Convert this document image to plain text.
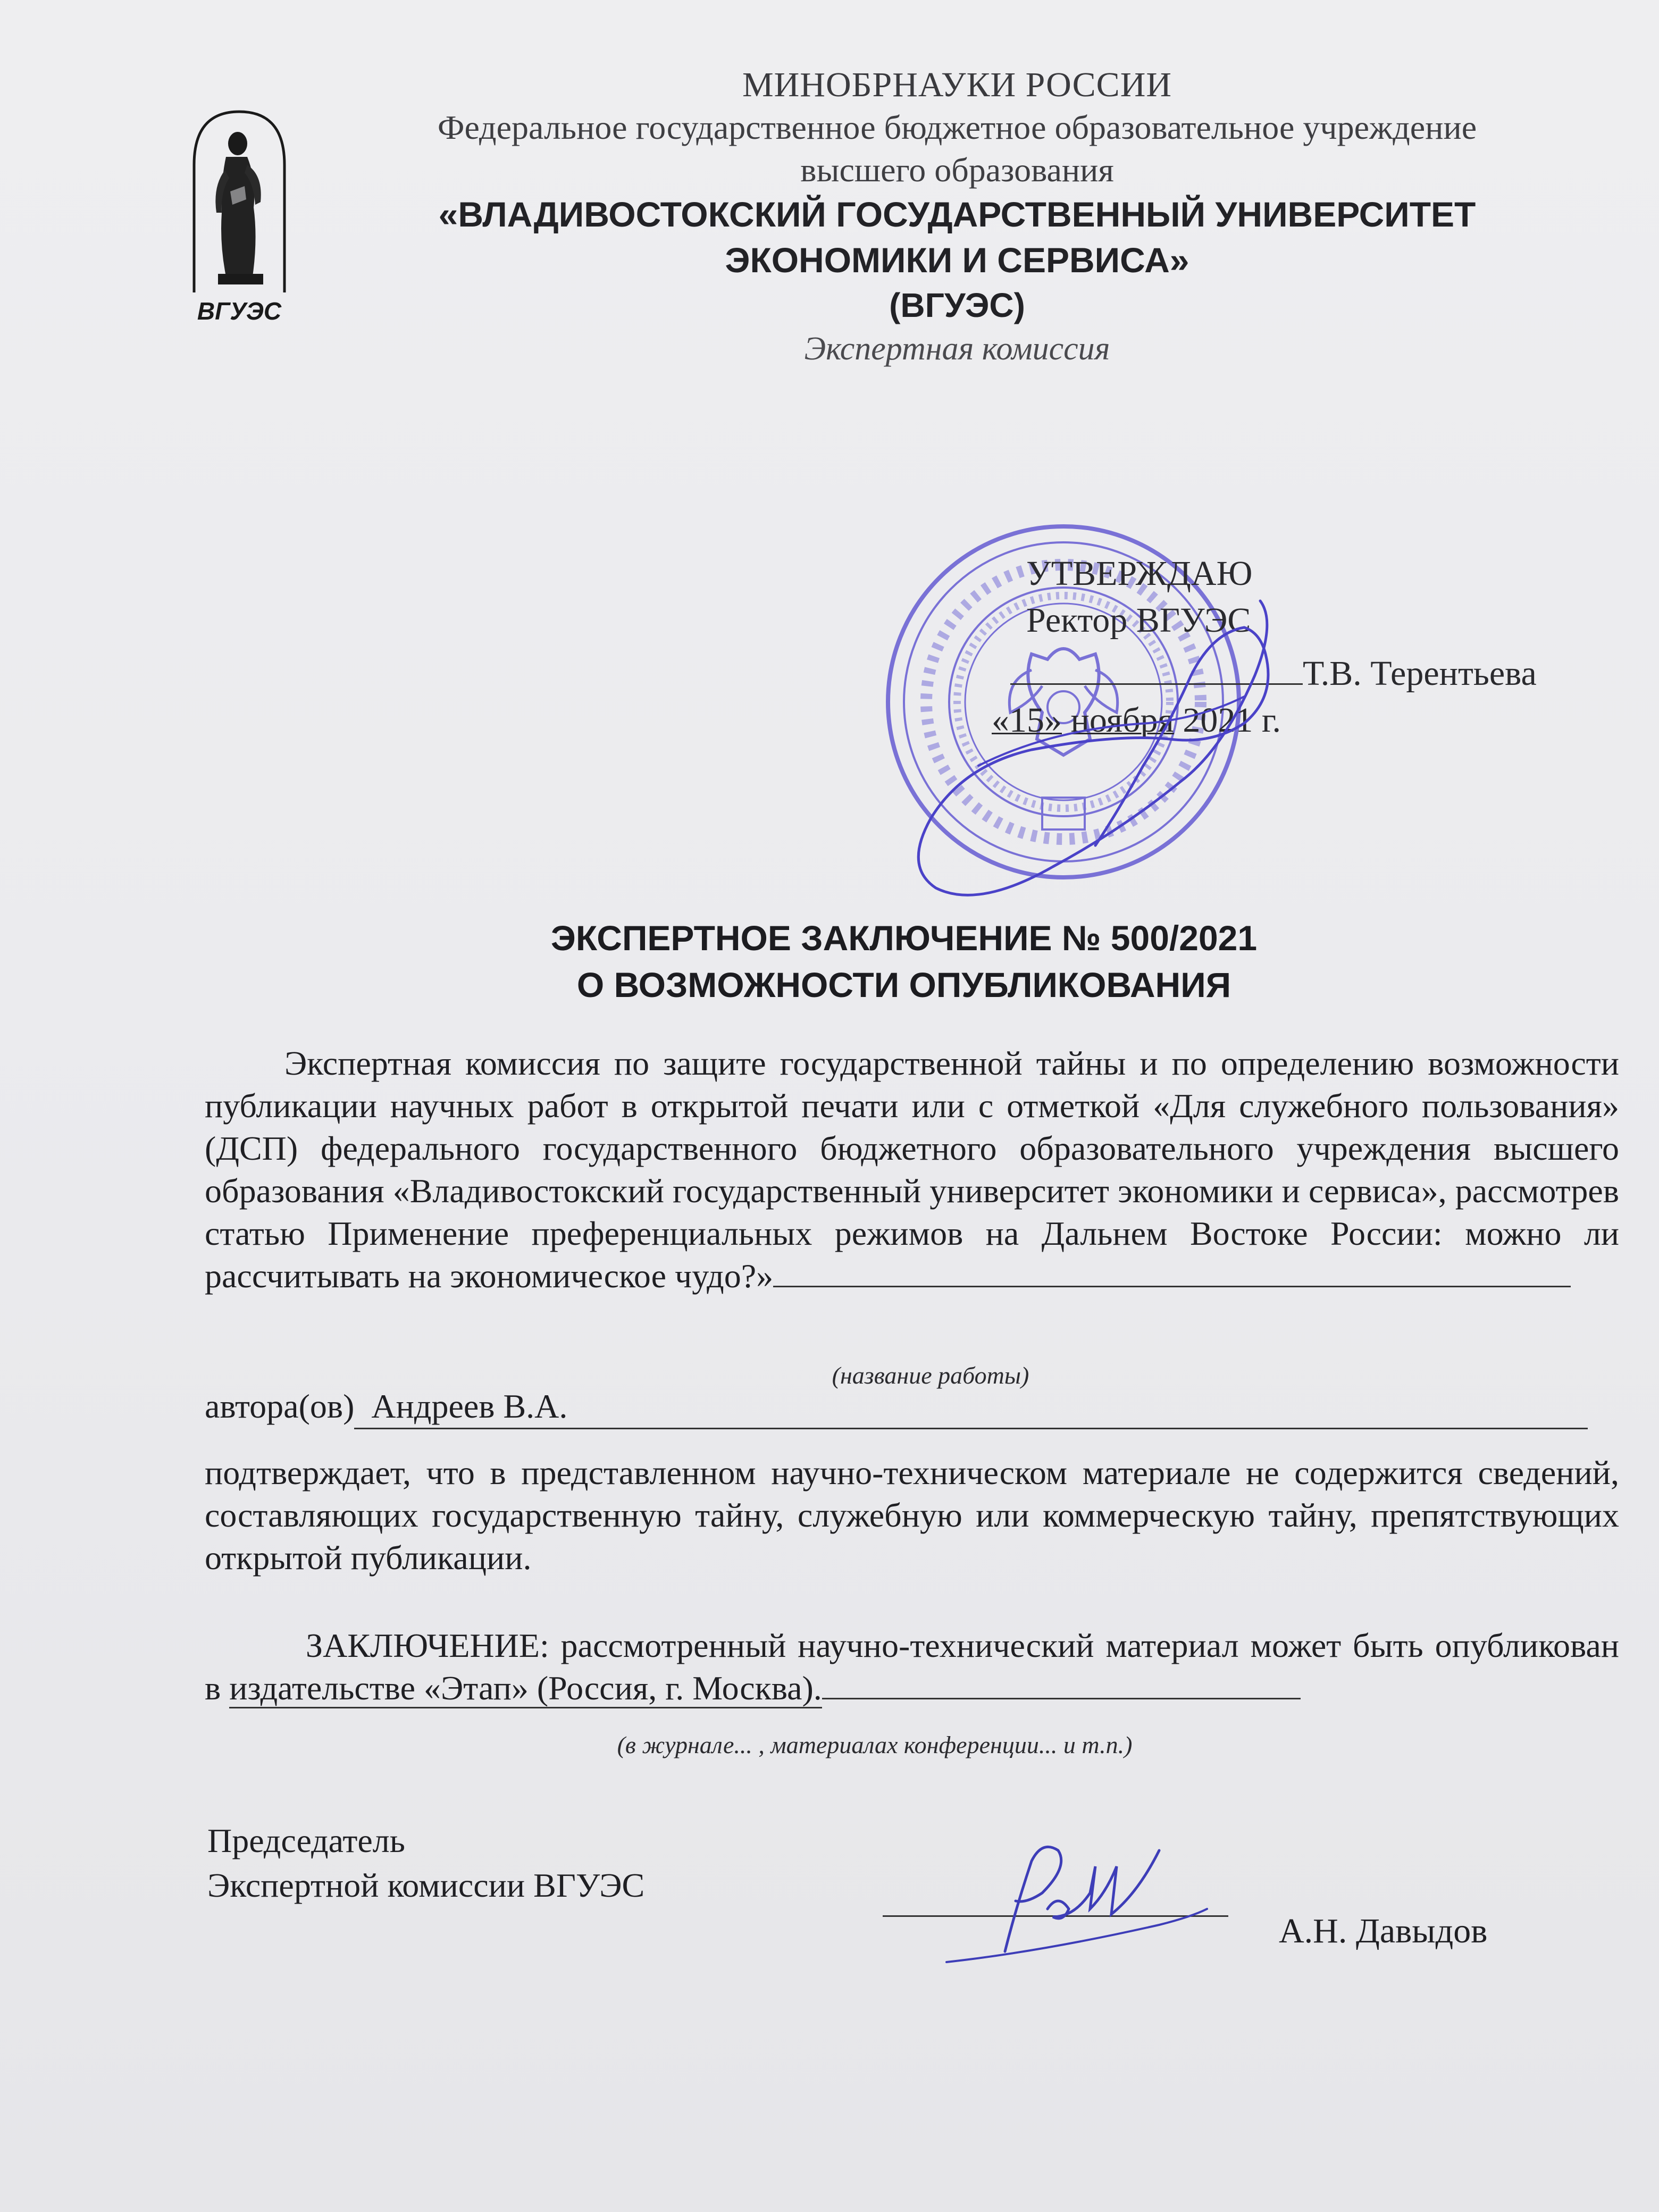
ВГУЭС
МИНОБРНАУКИ РОССИИ
Федеральное государственное бюджетное образовательное учреждение
высшего образования
«ВЛАДИВОСТОКСКИЙ ГОСУДАРСТВЕННЫЙ УНИВЕРСИТЕТ
ЭКОНОМИКИ И СЕРВИСА»
(ВГУЭС)
Экспертная комиссия
УТВЕРЖДАЮ
Ректор ВГУЭС
Т.В. Терентьева
«15» ноября 2021 г.
ЭКСПЕРТНОЕ ЗАКЛЮЧЕНИЕ № 500/2021
О ВОЗМОЖНОСТИ ОПУБЛИКОВАНИЯ
Экспертная комиссия по защите государственной тайны и по определению возможности публикации научных работ в открытой печати или с отметкой «Для служебного пользования» (ДСП) федерального государственного бюджетного образовательного учреждения высшего образования «Владивостокский государственный университет экономики и сервиса», рассмотрев статью Применение преференциальных режимов на Дальнем Востоке России: можно ли рассчитывать на экономическое чудо?»
(название работы)
автора(ов) Андреев В.А.
подтверждает, что в представленном научно-техническом материале не содержится сведений, составляющих государственную тайну, служебную или коммерческую тайну, препятствующих открытой публикации.
ЗАКЛЮЧЕНИЕ: рассмотренный научно-технический материал может быть опубликован в издательстве «Этап» (Россия, г. Москва).
(в журнале... , материалах конференции... и т.п.)
Председатель
Экспертной комиссии ВГУЭС
А.Н. Давыдов
